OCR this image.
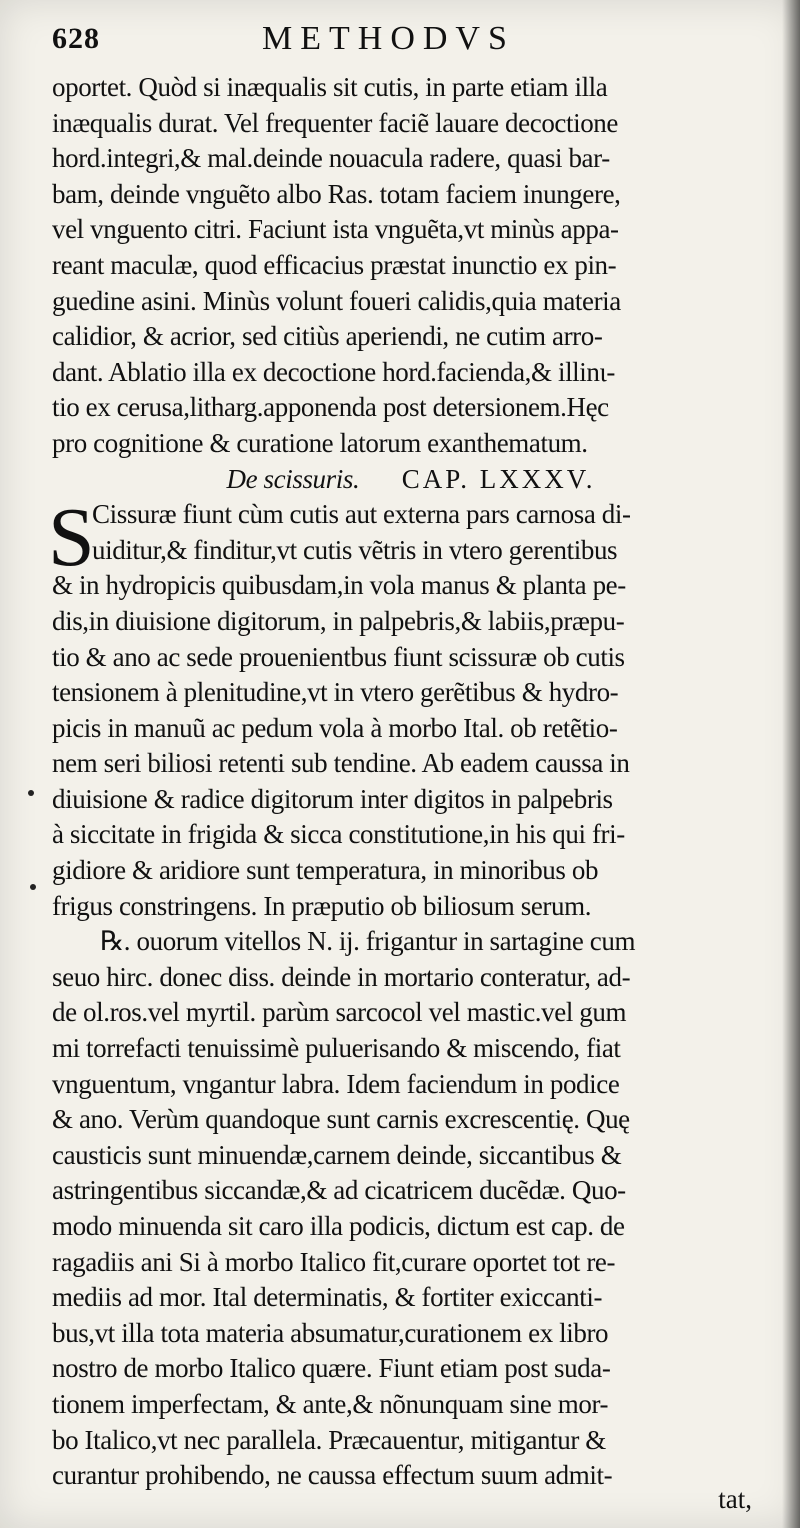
628	METHODVS
oportet. Quòd si inæqualis sit cutis, in parte etiam illa
inæqualis durat. Vel frequenter faciẽ lauare decoctione
hord.integri,& mal.deinde nouacula radere, quasi bar-
bam, deinde vnguẽto albo Ras. totam faciem inungere,
vel vnguento citri. Faciunt ista vnguẽta,vt minùs appa-
reant maculæ, quod efficacius præstat inunctio ex pin-
guedine asini. Minùs volunt foueri calidis,quia materia
calidior, & acrior, sed citiùs aperiendi, ne cutim arro-
dant. Ablatio illa ex decoctione hord.facienda,& illinι-
tio ex cerusa,litharg.apponenda post detersionem.Hęc
pro cognitione & curatione latorum exanthematum.
De scissuris. CAP. LXXXV.
S
Cissuræ fiunt cùm cutis aut externa pars carnosa di-
uiditur,& finditur,vt cutis vẽtris in vtero gerentibus
& in hydropicis quibusdam,in vola manus & planta pe-
dis,in diuisione digitorum, in palpebris,& labiis,præpu-
tio & ano ac sede prouenientbus fiunt scissuræ ob cutis
tensionem à plenitudine,vt in vtero gerẽtibus & hydro-
picis in manuũ ac pedum vola à morbo Ital. ob retẽtio-
nem seri biliosi retenti sub tendine. Ab eadem caussa in
diuisione & radice digitorum inter digitos in palpebris
à siccitate in frigida & sicca constitutione,in his qui fri-
gidiore & aridiore sunt temperatura, in minoribus ob
frigus constringens. In præputio ob biliosum serum.
℞. ouorum vitellos N. ij. frigantur in sartagine cum
seuo hirc. donec diss. deinde in mortario conteratur, ad-
de ol.ros.vel myrtil. parùm sarcocol vel mastic.vel gum
mi torrefacti tenuissimè puluerisando & miscendo, fiat
vnguentum, vngantur labra. Idem faciendum in podice
& ano. Verùm quandoque sunt carnis excrescentię. Quę
causticis sunt minuendæ,carnem deinde, siccantibus &
astringentibus siccandæ,& ad cicatricem ducẽdæ. Quo-
modo minuenda sit caro illa podicis, dictum est cap. de
ragadiis ani Si à morbo Italico fit,curare oportet tot re-
mediis ad mor. Ital determinatis, & fortiter exiccanti-
bus,vt illa tota materia absumatur,curationem ex libro
nostro de morbo Italico quære. Fiunt etiam post suda-
tionem imperfectam, & ante,& nõnunquam sine mor-
bo Italico,vt nec parallela. Præcauentur, mitigantur &
curantur prohibendo, ne caussa effectum suum admit-
tat,
